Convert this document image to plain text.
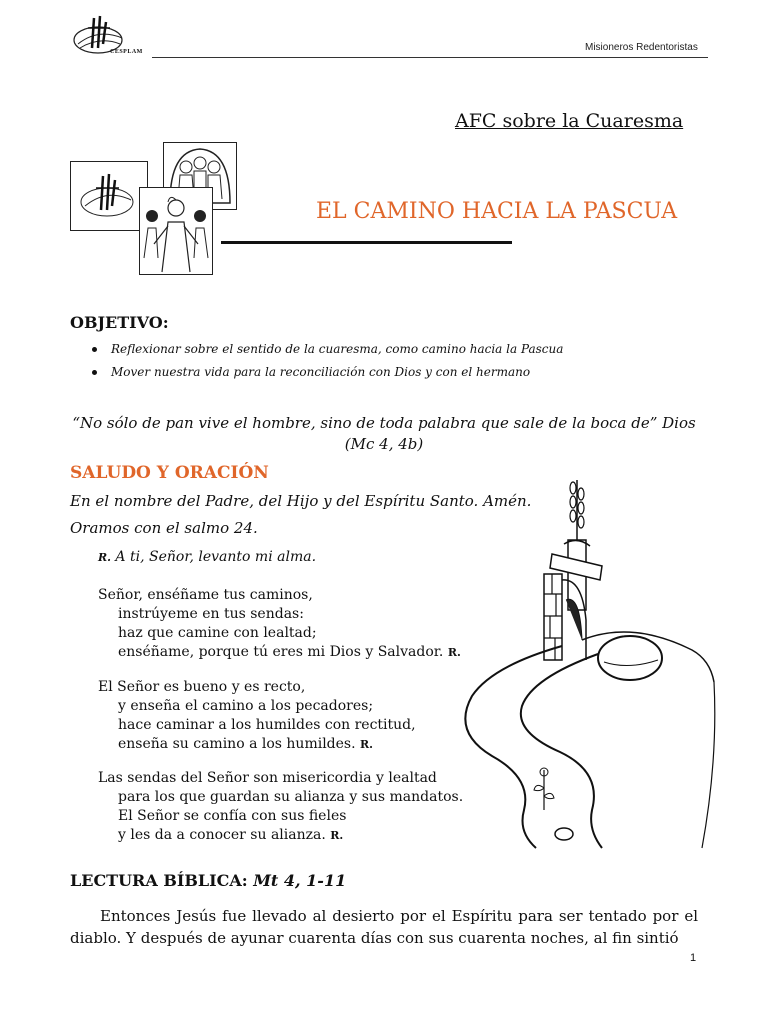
CESPLAM	Misioneros Redentoristas
AFC sobre la Cuaresma
EL CAMINO HACIA LA PASCUA
OBJETIVO:
Reflexionar sobre el sentido de la cuaresma, como camino hacia la Pascua
Mover nuestra vida para la reconciliación con Dios y con el hermano
“No sólo de pan vive el hombre, sino de toda palabra que sale de la boca de” Dios
(Mc 4, 4b)
SALUDO Y ORACIÓN
En el nombre del Padre, del Hijo y del Espíritu Santo. Amén.
Oramos con el salmo 24.
R. A ti, Señor, levanto mi alma.
Señor, enséñame tus caminos,
instrúyeme en tus sendas:
haz que camine con lealtad;
enséñame, porque tú eres mi Dios y Salvador. R.
El Señor es bueno y es recto,
y enseña el camino a los pecadores;
hace caminar a los humildes con rectitud,
enseña su camino a los humildes. R.
Las sendas del Señor son misericordia y lealtad
para los que guardan su alianza y sus mandatos.
El Señor se confía con sus fieles
y les da a conocer su alianza. R.
LECTURA BÍBLICA: Mt 4, 1-11
Entonces Jesús fue llevado al desierto por el Espíritu para ser tentado por el diablo. Y después de ayunar cuarenta días con sus cuarenta noches, al fin sintió
1
